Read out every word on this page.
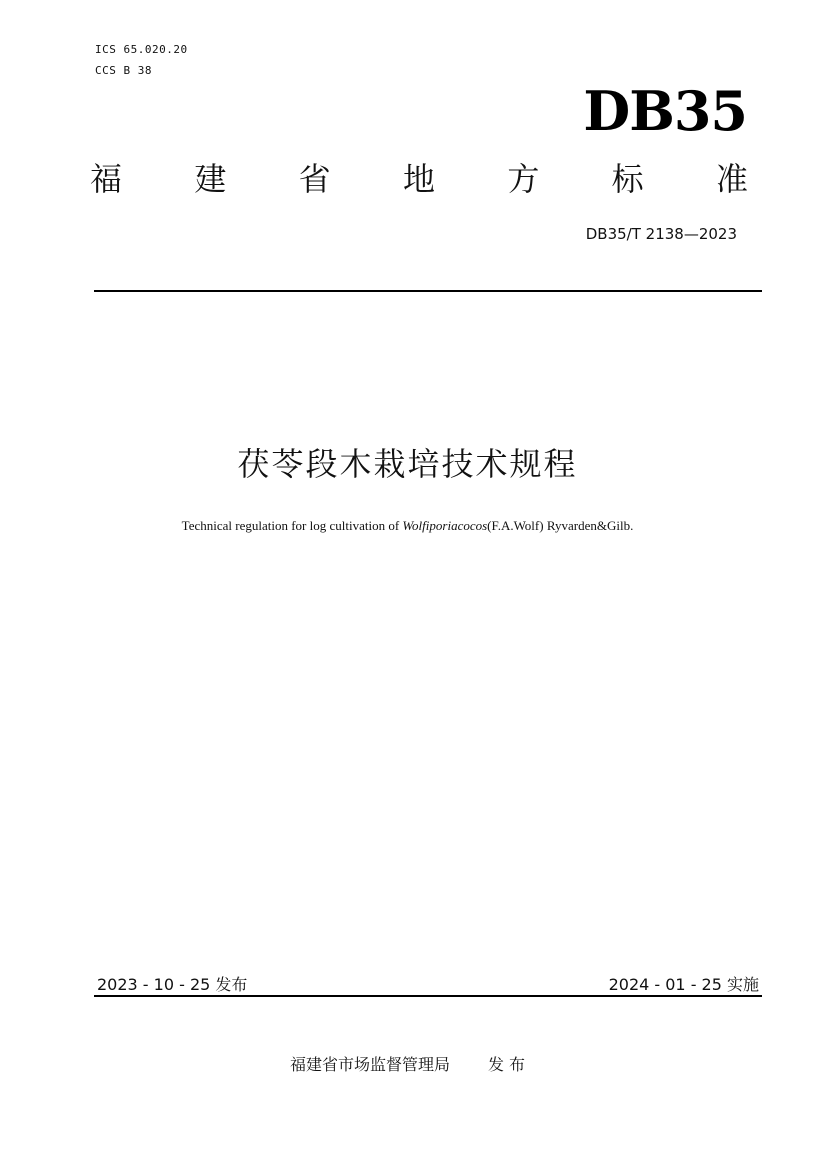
ICS 65.020.20
CCS B 38
DB35
福 建 省 地 方 标 准
DB35/T 2138—2023
茯苓段木栽培技术规程
Technical regulation for log cultivation of Wolfiporiacocos(F.A.Wolf) Ryvarden&Gilb.
2023 - 10 - 25 发布	2024 - 01 - 25 实施
福建省市场监督管理局 发 布
